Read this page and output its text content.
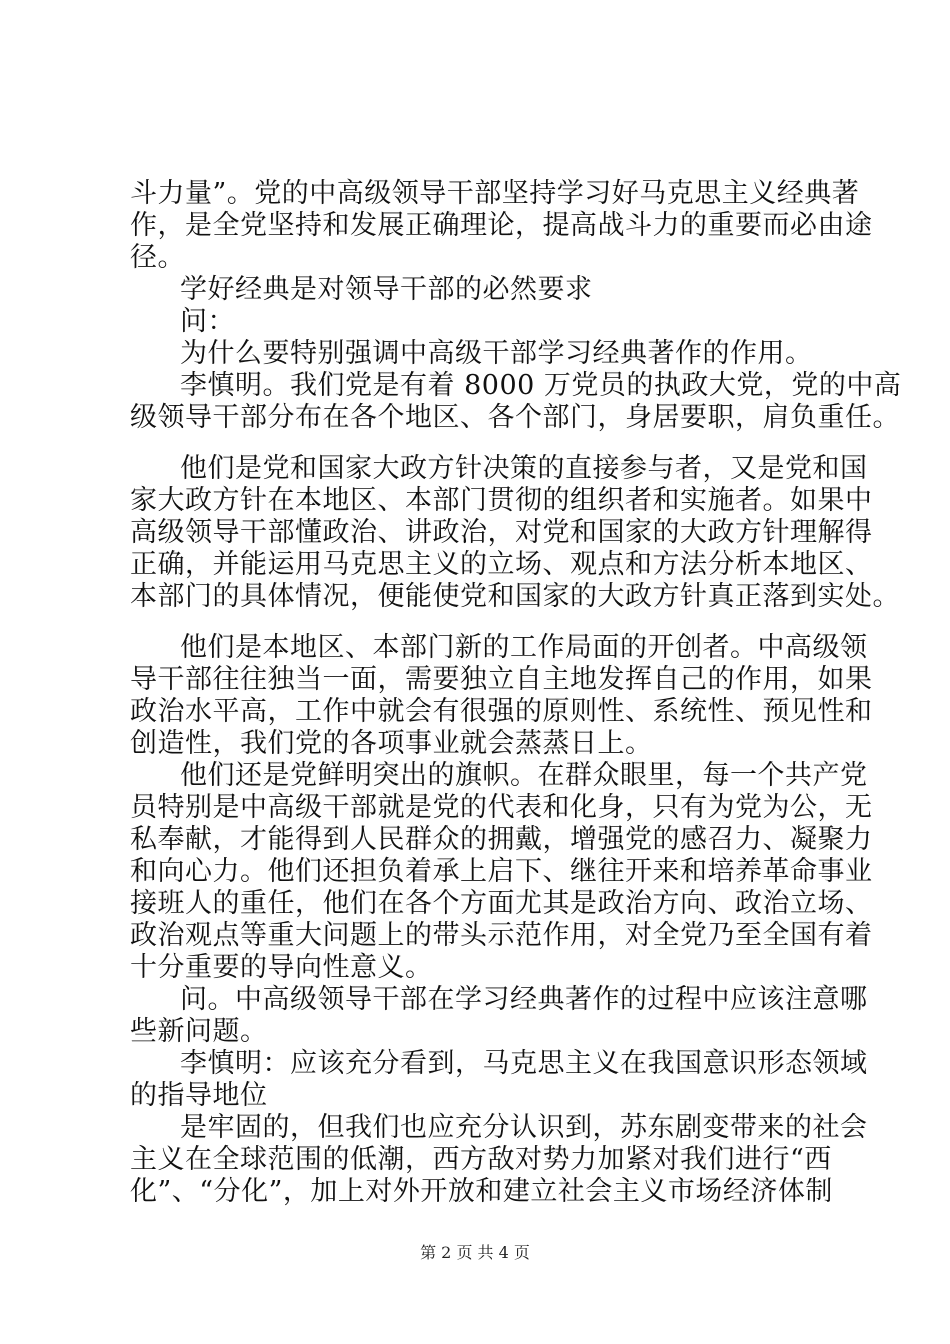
斗力量”。党的中高级领导干部坚持学习好马克思主义经典著
作，是全党坚持和发展正确理论，提高战斗力的重要而必由途
径。
学好经典是对领导干部的必然要求
问：
为什么要特别强调中高级干部学习经典著作的作用。
李慎明。我们党是有着 8000 万党员的执政大党，党的中高
级领导干部分布在各个地区、各个部门，身居要职，肩负重任。
他们是党和国家大政方针决策的直接参与者，又是党和国
家大政方针在本地区、本部门贯彻的组织者和实施者。如果中
高级领导干部懂政治、讲政治，对党和国家的大政方针理解得
正确，并能运用马克思主义的立场、观点和方法分析本地区、
本部门的具体情况，便能使党和国家的大政方针真正落到实处。
他们是本地区、本部门新的工作局面的开创者。中高级领
导干部往往独当一面，需要独立自主地发挥自己的作用，如果
政治水平高，工作中就会有很强的原则性、系统性、预见性和
创造性，我们党的各项事业就会蒸蒸日上。
他们还是党鲜明突出的旗帜。在群众眼里，每一个共产党
员特别是中高级干部就是党的代表和化身，只有为党为公，无
私奉献，才能得到人民群众的拥戴，增强党的感召力、凝聚力
和向心力。他们还担负着承上启下、继往开来和培养革命事业
接班人的重任，他们在各个方面尤其是政治方向、政治立场、
政治观点等重大问题上的带头示范作用，对全党乃至全国有着
十分重要的导向性意义。
问。中高级领导干部在学习经典著作的过程中应该注意哪
些新问题。
李慎明：应该充分看到，马克思主义在我国意识形态领域
的指导地位
是牢固的，但我们也应充分认识到，苏东剧变带来的社会
主义在全球范围的低潮，西方敌对势力加紧对我们进行“西
化”、“分化”，加上对外开放和建立社会主义市场经济体制
第 2 页 共 4 页
